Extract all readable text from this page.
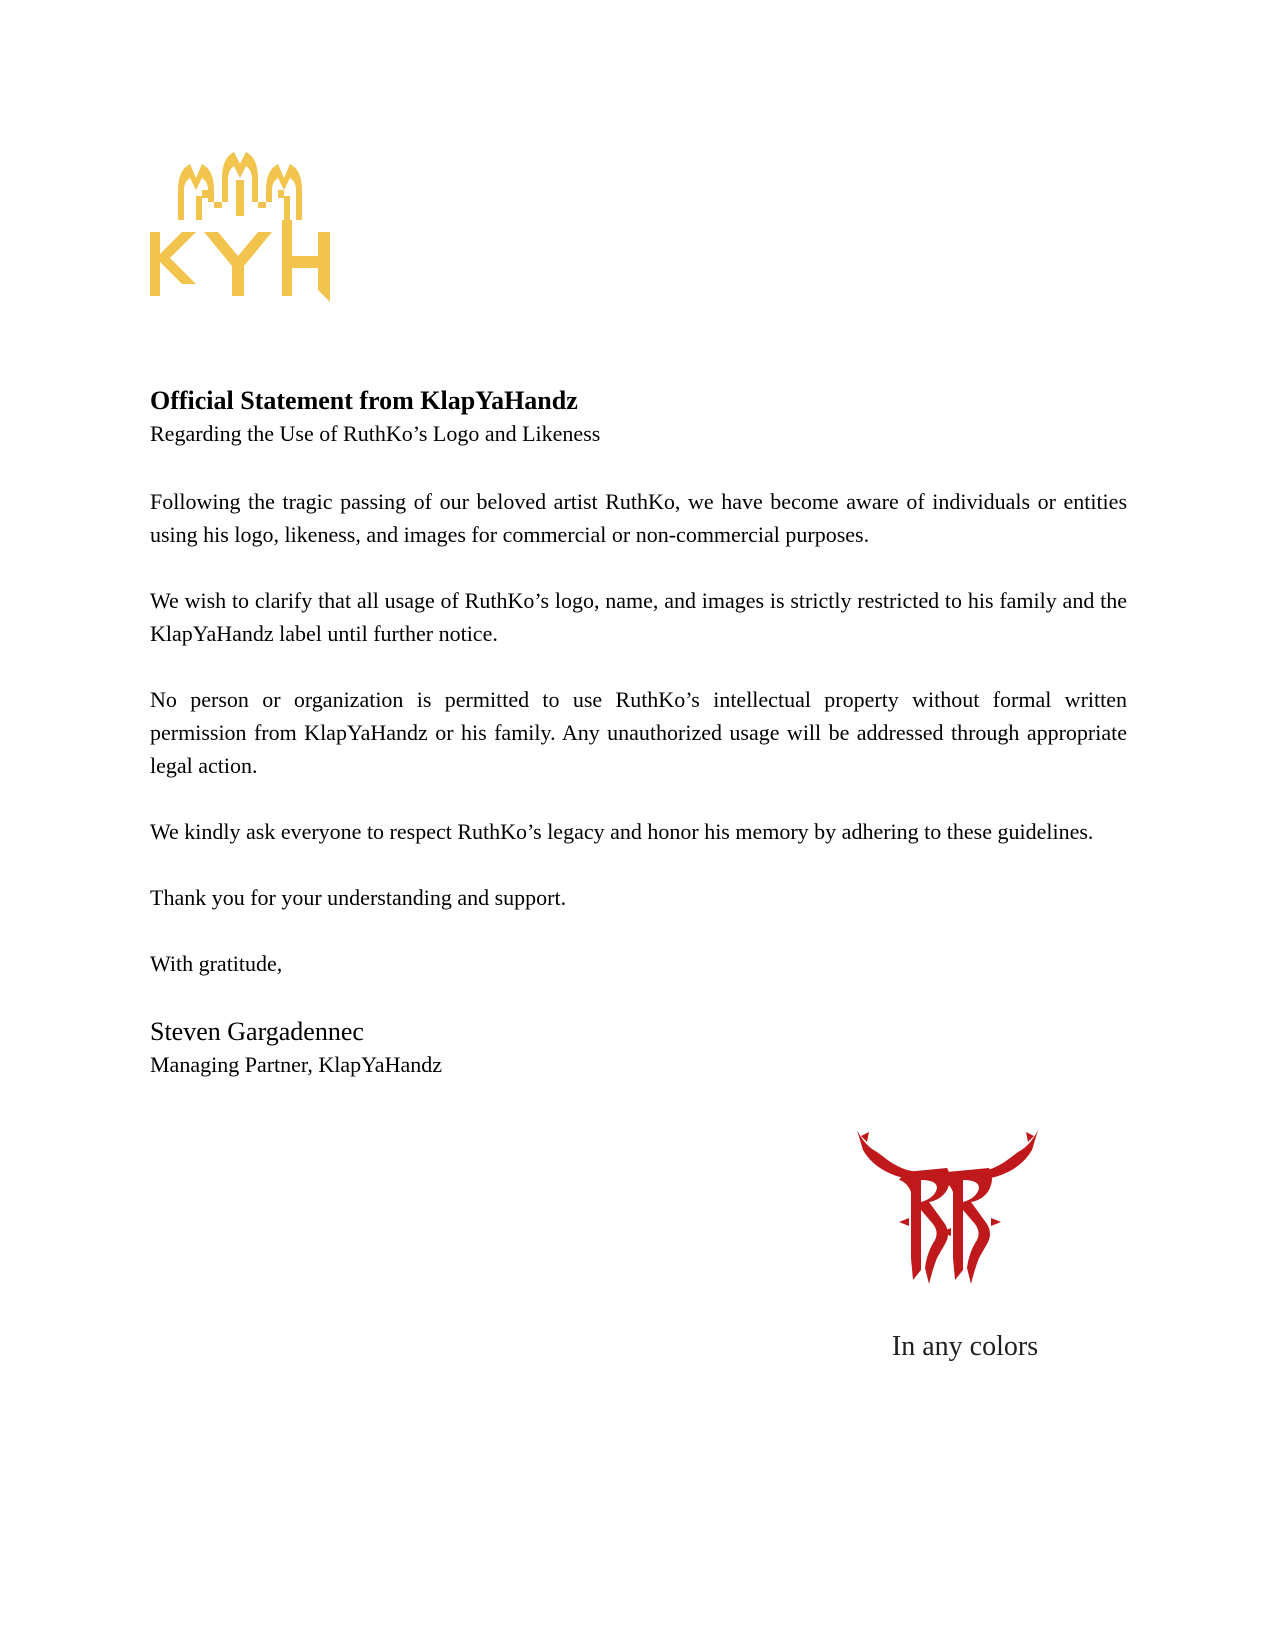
Official Statement from KlapYaHandz

Regarding the Use of RuthKo’s Logo and Likeness

Following the tragic passing of our beloved artist RuthKo, we have become aware of individuals or entities using his logo, likeness, and images for commercial or non-commercial purposes.

We wish to clarify that all usage of RuthKo’s logo, name, and images is strictly restricted to his family and the KlapYaHandz label until further notice.

No person or organization is permitted to use RuthKo’s intellectual property without formal written permission from KlapYaHandz or his family. Any unauthorized usage will be addressed through appropriate legal action.

We kindly ask everyone to respect RuthKo’s legacy and honor his memory by adhering to these guidelines.

Thank you for your understanding and support.

With gratitude,

Steven Gargadennec

Managing Partner, KlapYaHandz

In any colors
